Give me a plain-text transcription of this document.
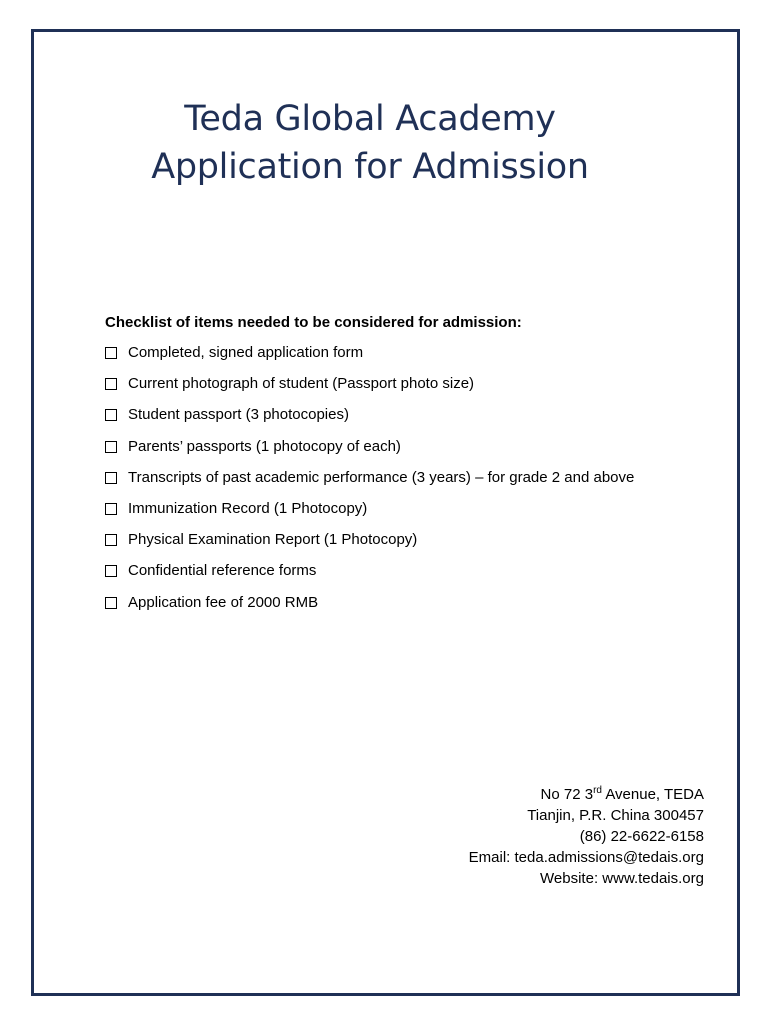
Teda Global Academy
Application for Admission
Checklist of items needed to be considered for admission:
Completed, signed application form
Current photograph of student (Passport photo size)
Student passport (3 photocopies)
Parents’ passports (1 photocopy of each)
Transcripts of past academic performance (3 years) – for grade 2 and above
Immunization Record (1 Photocopy)
Physical Examination Report (1 Photocopy)
Confidential reference forms
Application fee of 2000 RMB
No 72 3rd Avenue, TEDA
Tianjin, P.R. China 300457
(86) 22-6622-6158
Email: teda.admissions@tedais.org
Website: www.tedais.org
